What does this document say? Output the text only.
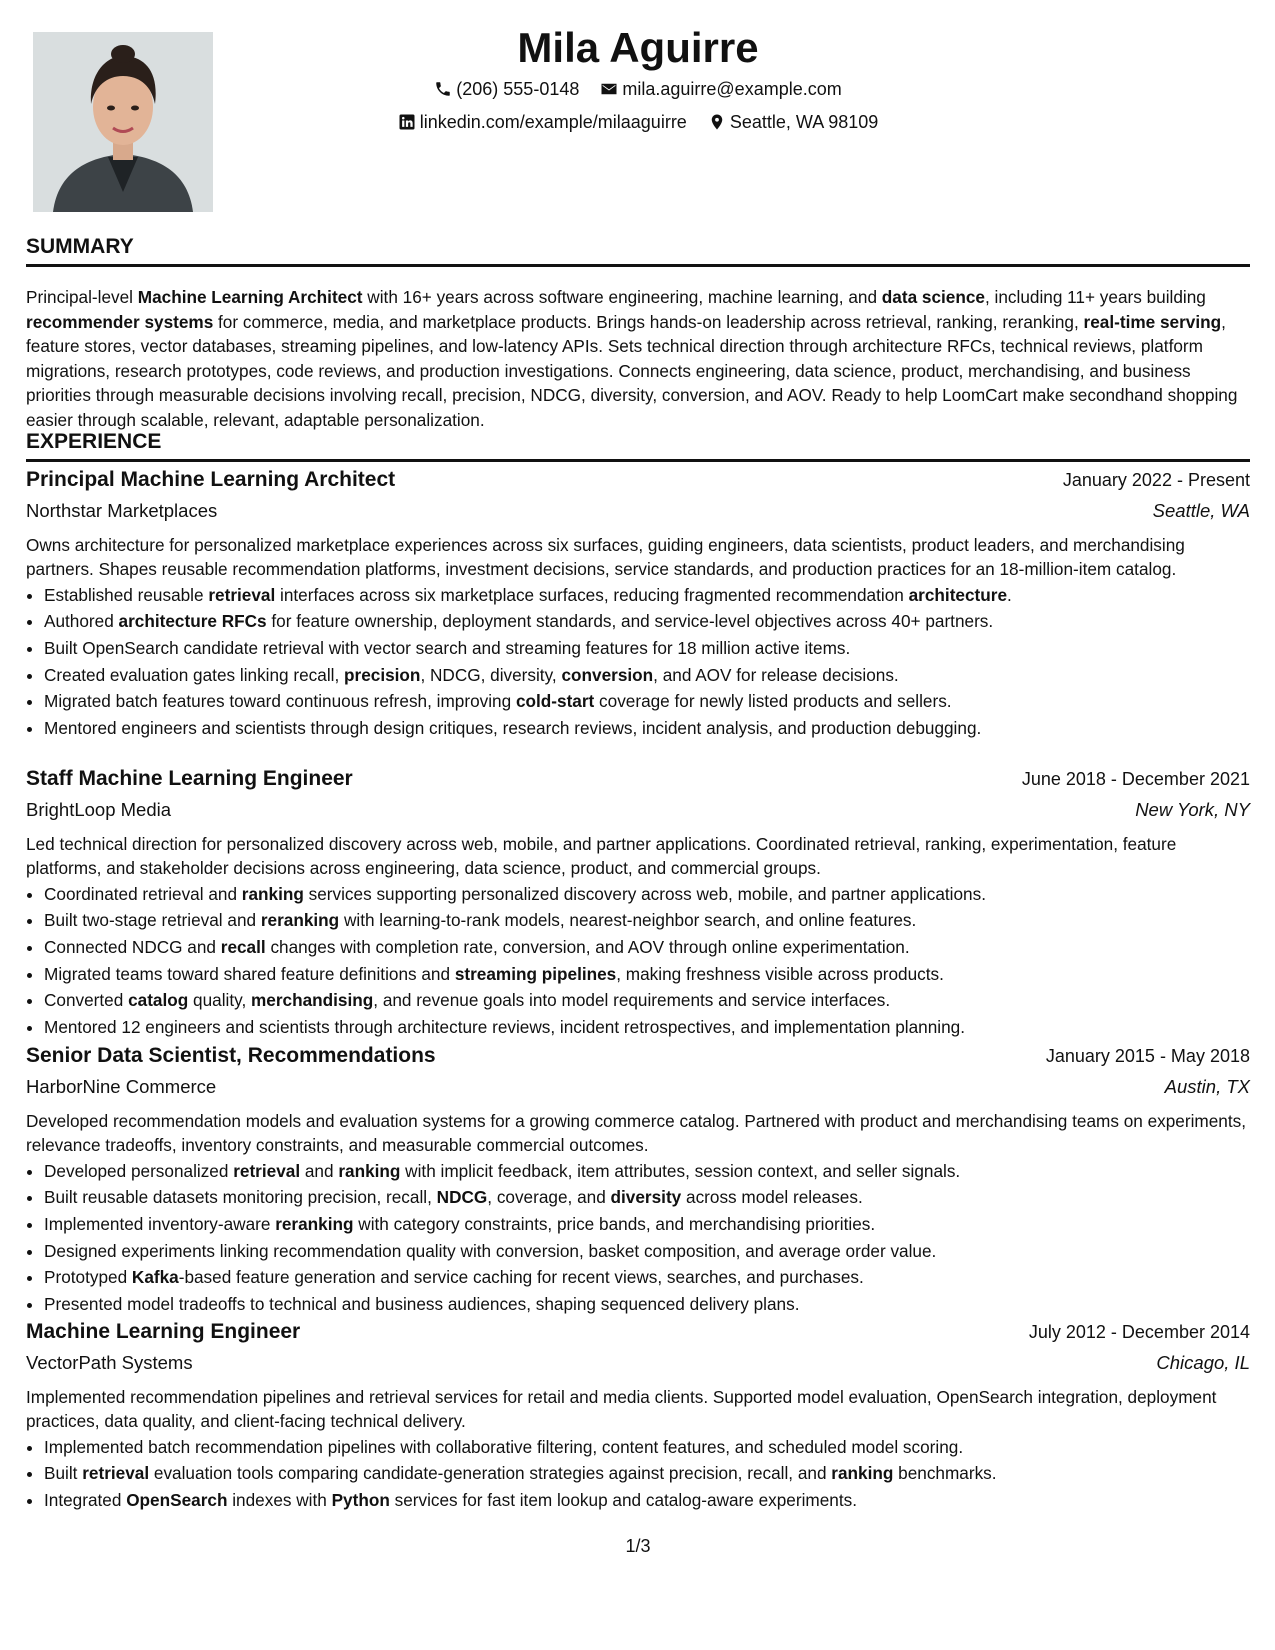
Mila Aguirre
(206) 555-0148
mila.aguirre@example.com
linkedin.com/example/milaaguirre
Seattle, WA 98109
SUMMARY

Principal-level Machine Learning Architect with 16+ years across software engineering, machine learning, and data science, including 11+ years building recommender systems for commerce, media, and marketplace products. Brings hands-on leadership across retrieval, ranking, reranking, real-time serving, feature stores, vector databases, streaming pipelines, and low-latency APIs. Sets technical direction through architecture RFCs, technical reviews, platform migrations, research prototypes, code reviews, and production investigations. Connects engineering, data science, product, merchandising, and business priorities through measurable decisions involving recall, precision, NDCG, diversity, conversion, and AOV. Ready to help LoomCart make secondhand shopping easier through scalable, relevant, adaptable personalization.

EXPERIENCE
Principal Machine Learning Architect	January 2022 - Present
Northstar Marketplaces	Seattle, WA

Owns architecture for personalized marketplace experiences across six surfaces, guiding engineers, data scientists, product leaders, and merchandising partners. Shapes reusable recommendation platforms, investment decisions, service standards, and production practices for an 18-million-item catalog.

• Established reusable retrieval interfaces across six marketplace surfaces, reducing fragmented recommendation architecture.
• Authored architecture RFCs for feature ownership, deployment standards, and service-level objectives across 40+ partners.
• Built OpenSearch candidate retrieval with vector search and streaming features for 18 million active items.
• Created evaluation gates linking recall, precision, NDCG, diversity, conversion, and AOV for release decisions.
• Migrated batch features toward continuous refresh, improving cold-start coverage for newly listed products and sellers.
• Mentored engineers and scientists through design critiques, research reviews, incident analysis, and production debugging.
Staff Machine Learning Engineer	June 2018 - December 2021
BrightLoop Media	New York, NY

Led technical direction for personalized discovery across web, mobile, and partner applications. Coordinated retrieval, ranking, experimentation, feature platforms, and stakeholder decisions across engineering, data science, product, and commercial groups.

• Coordinated retrieval and ranking services supporting personalized discovery across web, mobile, and partner applications.
• Built two-stage retrieval and reranking with learning-to-rank models, nearest-neighbor search, and online features.
• Connected NDCG and recall changes with completion rate, conversion, and AOV through online experimentation.
• Migrated teams toward shared feature definitions and streaming pipelines, making freshness visible across products.
• Converted catalog quality, merchandising, and revenue goals into model requirements and service interfaces.
• Mentored 12 engineers and scientists through architecture reviews, incident retrospectives, and implementation planning.
Senior Data Scientist, Recommendations	January 2015 - May 2018
HarborNine Commerce	Austin, TX

Developed recommendation models and evaluation systems for a growing commerce catalog. Partnered with product and merchandising teams on experiments, relevance tradeoffs, inventory constraints, and measurable commercial outcomes.

• Developed personalized retrieval and ranking with implicit feedback, item attributes, session context, and seller signals.
• Built reusable datasets monitoring precision, recall, NDCG, coverage, and diversity across model releases.
• Implemented inventory-aware reranking with category constraints, price bands, and merchandising priorities.
• Designed experiments linking recommendation quality with conversion, basket composition, and average order value.
• Prototyped Kafka-based feature generation and service caching for recent views, searches, and purchases.
• Presented model tradeoffs to technical and business audiences, shaping sequenced delivery plans.
Machine Learning Engineer	July 2012 - December 2014
VectorPath Systems	Chicago, IL

Implemented recommendation pipelines and retrieval services for retail and media clients. Supported model evaluation, OpenSearch integration, deployment practices, data quality, and client-facing technical delivery.

• Implemented batch recommendation pipelines with collaborative filtering, content features, and scheduled model scoring.
• Built retrieval evaluation tools comparing candidate-generation strategies against precision, recall, and ranking benchmarks.
• Integrated OpenSearch indexes with Python services for fast item lookup and catalog-aware experiments.
1/3
